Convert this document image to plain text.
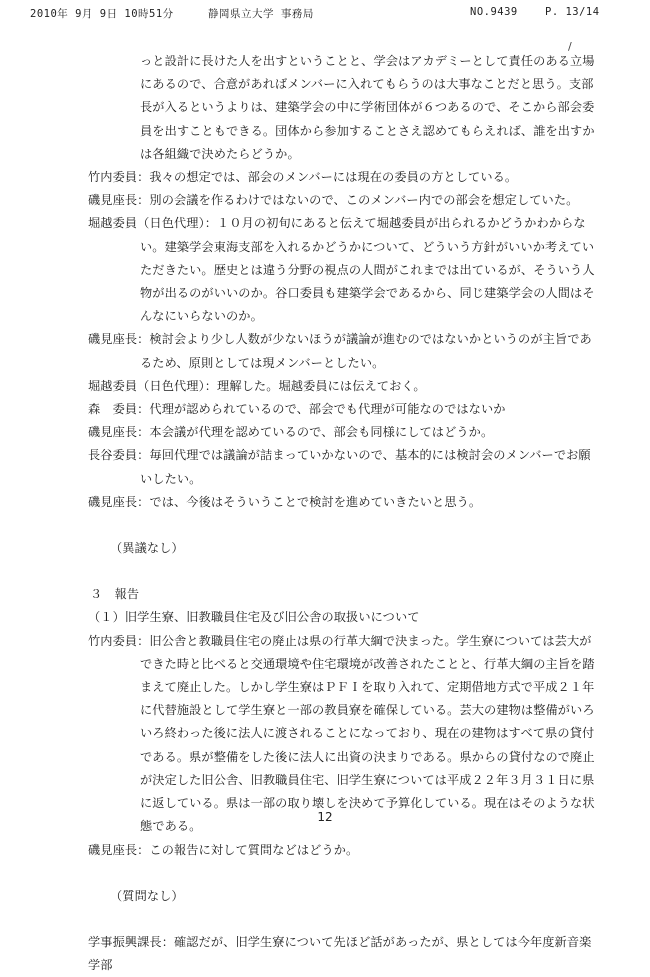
2010年 9月 9日 10時51分	静岡県立大学 事務局	NO.9439	P. 13/14
/
っと設計に長けた人を出すということと、学会はアカデミーとして責任のある立場にあるので、合意があればメンバーに入れてもらうのは大事なことだと思う。支部長が入るというよりは、建築学会の中に学術団体が６つあるので、そこから部会委員を出すこともできる。団体から参加することさえ認めてもらえれば、誰を出すかは各組織で決めたらどうか。
竹内委員：我々の想定では、部会のメンバーには現在の委員の方としている。
磯見座長：別の会議を作るわけではないので、このメンバー内での部会を想定していた。
堀越委員（日色代理）：１０月の初旬にあると伝えて堀越委員が出られるかどうかわからない。建築学会東海支部を入れるかどうかについて、どういう方針がいいか考えていただきたい。歴史とは違う分野の視点の人間がこれまでは出ているが、そういう人物が出るのがいいのか。谷口委員も建築学会であるから、同じ建築学会の人間はそんなにいらないのか。
磯見座長：検討会より少し人数が少ないほうが議論が進むのではないかというのが主旨であるため、原則としては現メンバーとしたい。
堀越委員（日色代理）：理解した。堀越委員には伝えておく。
森　委員：代理が認められているので、部会でも代理が可能なのではないか
磯見座長：本会議が代理を認めているので、部会も同様にしてはどうか。
長谷委員：毎回代理では議論が詰まっていかないので、基本的には検討会のメンバーでお願いしたい。
磯見座長：では、今後はそういうことで検討を進めていきたいと思う。
（異議なし）
３　報告
（１）旧学生寮、旧教職員住宅及び旧公舎の取扱いについて
竹内委員：旧公舎と教職員住宅の廃止は県の行革大綱で決まった。学生寮については芸大ができた時と比べると交通環境や住宅環境が改善されたことと、行革大綱の主旨を踏まえて廃止した。しかし学生寮はＰＦＩを取り入れて、定期借地方式で平成２１年に代替施設として学生寮と一部の教員寮を確保している。芸大の建物は整備がいろいろ終わった後に法人に渡されることになっており、現在の建物はすべて県の貸付である。県が整備をした後に法人に出資の決まりである。県からの貸付なので廃止が決定した旧公舎、旧教職員住宅、旧学生寮については平成２２年３月３１日に県に返している。県は一部の取り壊しを決めて予算化している。現在はそのような状態である。
磯見座長：この報告に対して質問などはどうか。
（質問なし）
学事振興課長：確認だが、旧学生寮について先ほど話があったが、県としては今年度新音楽学部
12
